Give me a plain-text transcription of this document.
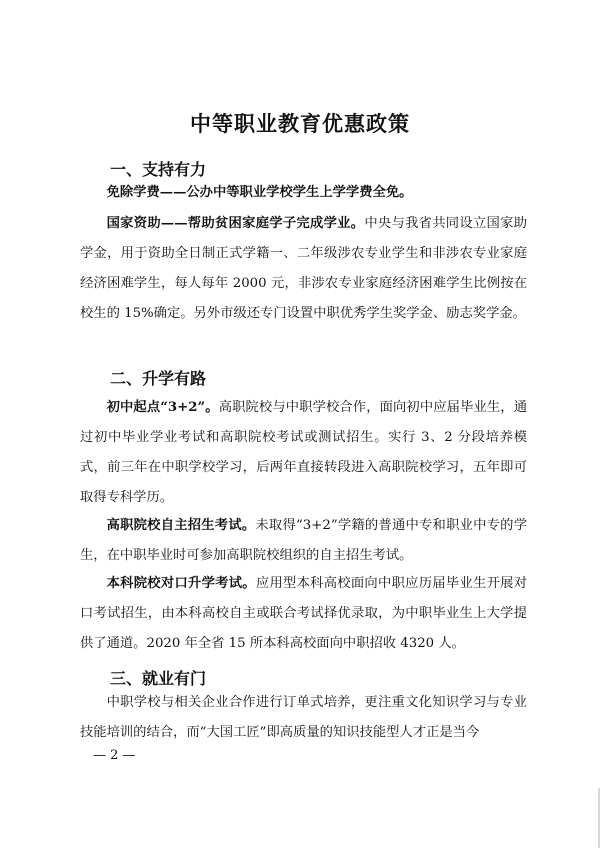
中等职业教育优惠政策
一、支持有力

免除学费——公办中等职业学校学生上学学费全免。

国家资助——帮助贫困家庭学子完成学业。中央与我省共同设立国家助学金，用于资助全日制正式学籍一、二年级涉农专业学生和非涉农专业家庭经济困难学生，每人每年 2000 元，非涉农专业家庭经济困难学生比例按在校生的 15%确定。另外市级还专门设置中职优秀学生奖学金、励志奖学金。

二、升学有路

初中起点“3+2”。高职院校与中职学校合作，面向初中应届毕业生，通过初中毕业学业考试和高职院校考试或测试招生。实行 3、2 分段培养模式，前三年在中职学校学习，后两年直接转段进入高职院校学习，五年即可取得专科学历。

高职院校自主招生考试。未取得“3+2”学籍的普通中专和职业中专的学生，在中职毕业时可参加高职院校组织的自主招生考试。

本科院校对口升学考试。应用型本科高校面向中职应历届毕业生开展对口考试招生，由本科高校自主或联合考试择优录取，为中职毕业生上大学提供了通道。2020 年全省 15 所本科高校面向中职招收 4320 人。

三、就业有门

中职学校与相关企业合作进行订单式培养，更注重文化知识学习与专业技能培训的结合，而“大国工匠”即高质量的知识技能型人才正是当今

— 2 —
